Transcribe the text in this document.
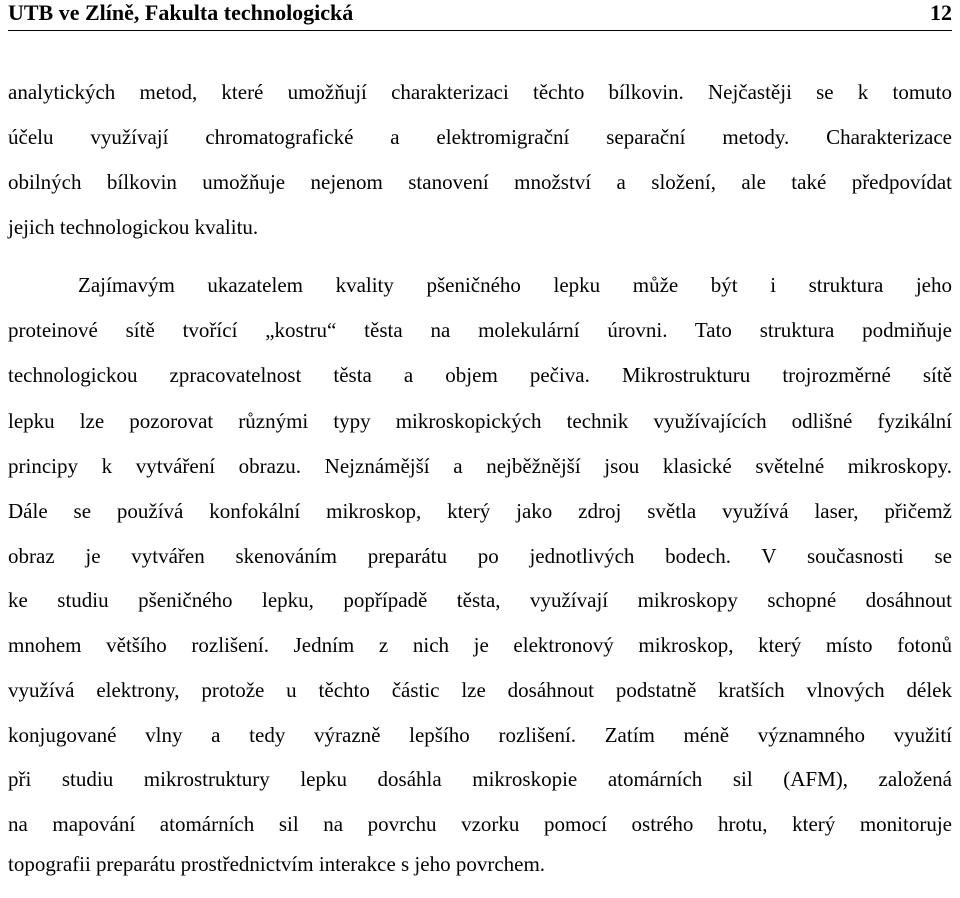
UTB ve Zlíně, Fakultа technologická	12
analytických metod, které umožňují charakterizaci těchto bílkovin. Nejčastěji se k tomuto
účelu využívají chromatografické a elektromigrační separační metody. Charakterizace
obilných bílkovin umožňuje nejenom stanovení množství a složení, ale také předpovídat
jejich technologickou kvalitu.
Zajímavým ukazatelem kvality pšeničného lepku může být i struktura jeho
proteinové sítě tvořící „kostru“ těsta na molekulární úrovni. Tato struktura podmiňuje
technologickou zpracovatelnost těsta a objem pečiva. Mikrostrukturu trojrozměrné sítě
lepku lze pozorovat různými typy mikroskopických technik využívajících odlišné fyzikální
principy k vytváření obrazu. Nejznámější a nejběžnější jsou klasické světelné mikroskopy.
Dále se používá konfokální mikroskop, který jako zdroj světla využívá laser, přičemž
obraz je vytvářen skenováním preparátu po jednotlivých bodech. V současnosti se
ke studiu pšeničného lepku, popřípadě těsta, využívají mikroskopy schopné dosáhnout
mnohem většího rozlišení. Jedním z nich je elektronový mikroskop, který místo fotonů
využívá elektrony, protože u těchto částic lze dosáhnout podstatně kratších vlnových délek
konjugované vlny a tedy výrazně lepšího rozlišení. Zatím méně významného využití
při studiu mikrostruktury lepku dosáhla mikroskopie atomárních sil (AFM), založená
na mapování atomárních sil na povrchu vzorku pomocí ostrého hrotu, který monitoruje
topografii preparátu prostřednictvím interakce s jeho povrchem.
